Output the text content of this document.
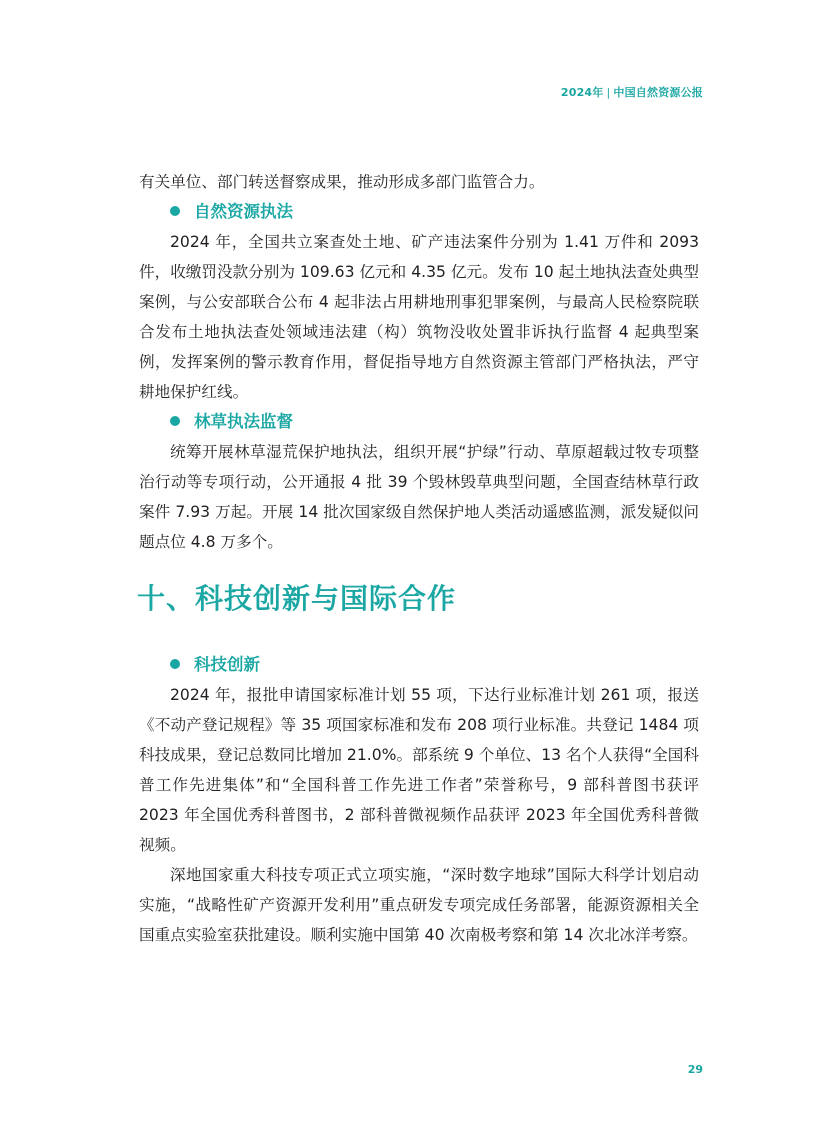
2024年 | 中国自然资源公报

有关单位、部门转送督察成果，推动形成多部门监管合力。

自然资源执法

2024 年，全国共立案查处土地、矿产违法案件分别为 1.41 万件和 2093 件，收缴罚没款分别为 109.63 亿元和 4.35 亿元。发布 10 起土地执法查处典型案例，与公安部联合公布 4 起非法占用耕地刑事犯罪案例，与最高人民检察院联合发布土地执法查处领域违法建（构）筑物没收处置非诉执行监督 4 起典型案例，发挥案例的警示教育作用，督促指导地方自然资源主管部门严格执法，严守耕地保护红线。

林草执法监督

统筹开展林草湿荒保护地执法，组织开展“护绿”行动、草原超载过牧专项整治行动等专项行动，公开通报 4 批 39 个毁林毁草典型问题，全国查结林草行政案件 7.93 万起。开展 14 批次国家级自然保护地人类活动遥感监测，派发疑似问题点位 4.8 万多个。

十、科技创新与国际合作

科技创新

2024 年，报批申请国家标准计划 55 项，下达行业标准计划 261 项，报送《不动产登记规程》等 35 项国家标准和发布 208 项行业标准。共登记 1484 项科技成果，登记总数同比增加 21.0%。部系统 9 个单位、13 名个人获得“全国科普工作先进集体”和“全国科普工作先进工作者”荣誉称号，9 部科普图书获评 2023 年全国优秀科普图书，2 部科普微视频作品获评 2023 年全国优秀科普微视频。

深地国家重大科技专项正式立项实施，“深时数字地球”国际大科学计划启动实施，“战略性矿产资源开发利用”重点研发专项完成任务部署，能源资源相关全国重点实验室获批建设。顺利实施中国第 40 次南极考察和第 14 次北冰洋考察。

29
